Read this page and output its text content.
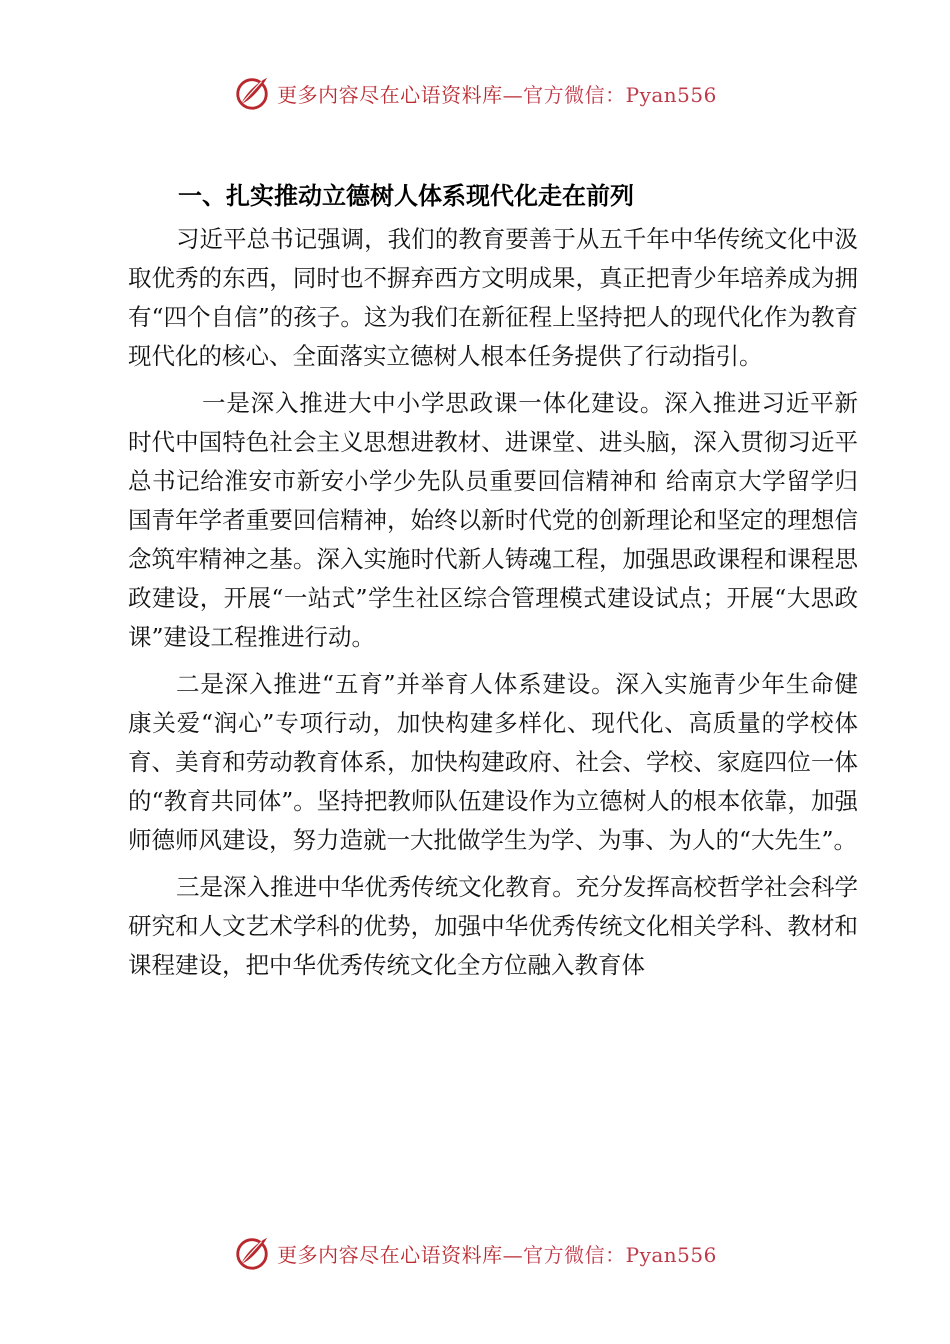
更多内容尽在心语资料库—官方微信：Pyan556
一、扎实推动立德树人体系现代化走在前列

习近平总书记强调，我们的教育要善于从五千年中华传统文化中汲取优秀的东西，同时也不摒弃西方文明成果，真正把青少年培养成为拥有“四个自信”的孩子。这为我们在新征程上坚持把人的现代化作为教育现代化的核心、全面落实立德树人根本任务提供了行动指引。

一是深入推进大中小学思政课一体化建设。深入推进习近平新时代中国特色社会主义思想进教材、进课堂、进头脑，深入贯彻习近平总书记给淮安市新安小学少先队员重要回信精神和 给南京大学留学归国青年学者重要回信精神，始终以新时代党的创新理论和坚定的理想信念筑牢精神之基。深入实施时代新人铸魂工程，加强思政课程和课程思政建设，开展“一站式”学生社区综合管理模式建设试点；开展“大思政课”建设工程推进行动。

二是深入推进“五育”并举育人体系建设。深入实施青少年生命健康关爱“润心”专项行动，加快构建多样化、现代化、高质量的学校体育、美育和劳动教育体系，加快构建政府、社会、学校、家庭四位一体的“教育共同体”。坚持把教师队伍建设作为立德树人的根本依靠，加强师德师风建设，努力造就一大批做学生为学、为事、为人的“大先生”。

三是深入推进中华优秀传统文化教育。充分发挥高校哲学社会科学研究和人文艺术学科的优势，加强中华优秀传统文化相关学科、教材和课程建设，把中华优秀传统文化全方位融入教育体

更多内容尽在心语资料库—官方微信：Pyan556
